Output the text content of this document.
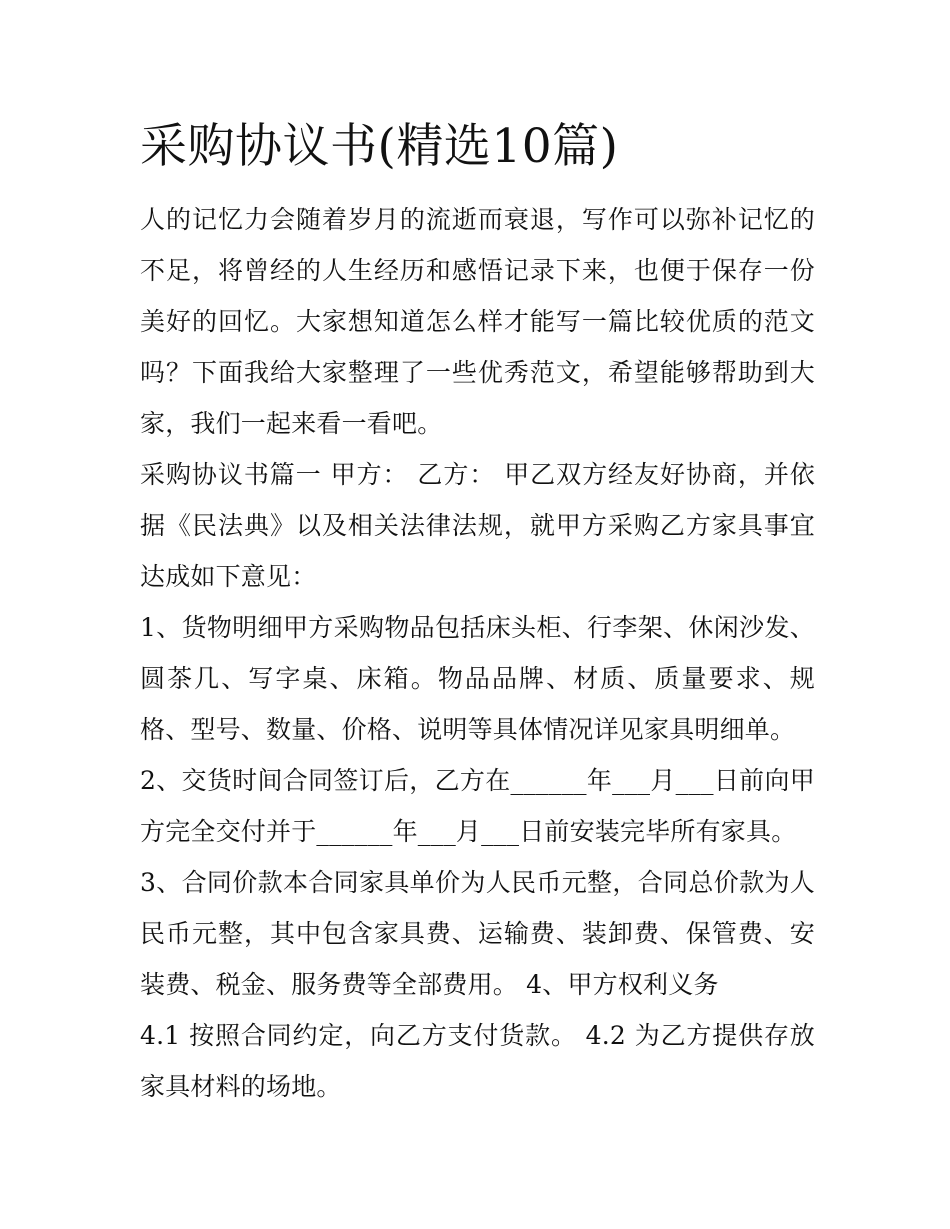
采购协议书(精选10篇)

人的记忆力会随着岁月的流逝而衰退，写作可以弥补记忆的不足，将曾经的人生经历和感悟记录下来，也便于保存一份美好的回忆。大家想知道怎么样才能写一篇比较优质的范文吗？下面我给大家整理了一些优秀范文，希望能够帮助到大家，我们一起来看一看吧。

采购协议书篇一 甲方： 乙方： 甲乙双方经友好协商，并依据《民法典》以及相关法律法规，就甲方采购乙方家具事宜达成如下意见：

1、货物明细甲方采购物品包括床头柜、行李架、休闲沙发、圆茶几、写字桌、床箱。物品品牌、材质、质量要求、规格、型号、数量、价格、说明等具体情况详见家具明细单。

2、交货时间合同签订后，乙方在______年___月___日前向甲方完全交付并于______年___月___日前安装完毕所有家具。

3、合同价款本合同家具单价为人民币元整，合同总价款为人民币元整，其中包含家具费、运输费、装卸费、保管费、安装费、税金、服务费等全部费用。 4、甲方权利义务

4.1 按照合同约定，向乙方支付货款。 4.2 为乙方提供存放家具材料的场地。
